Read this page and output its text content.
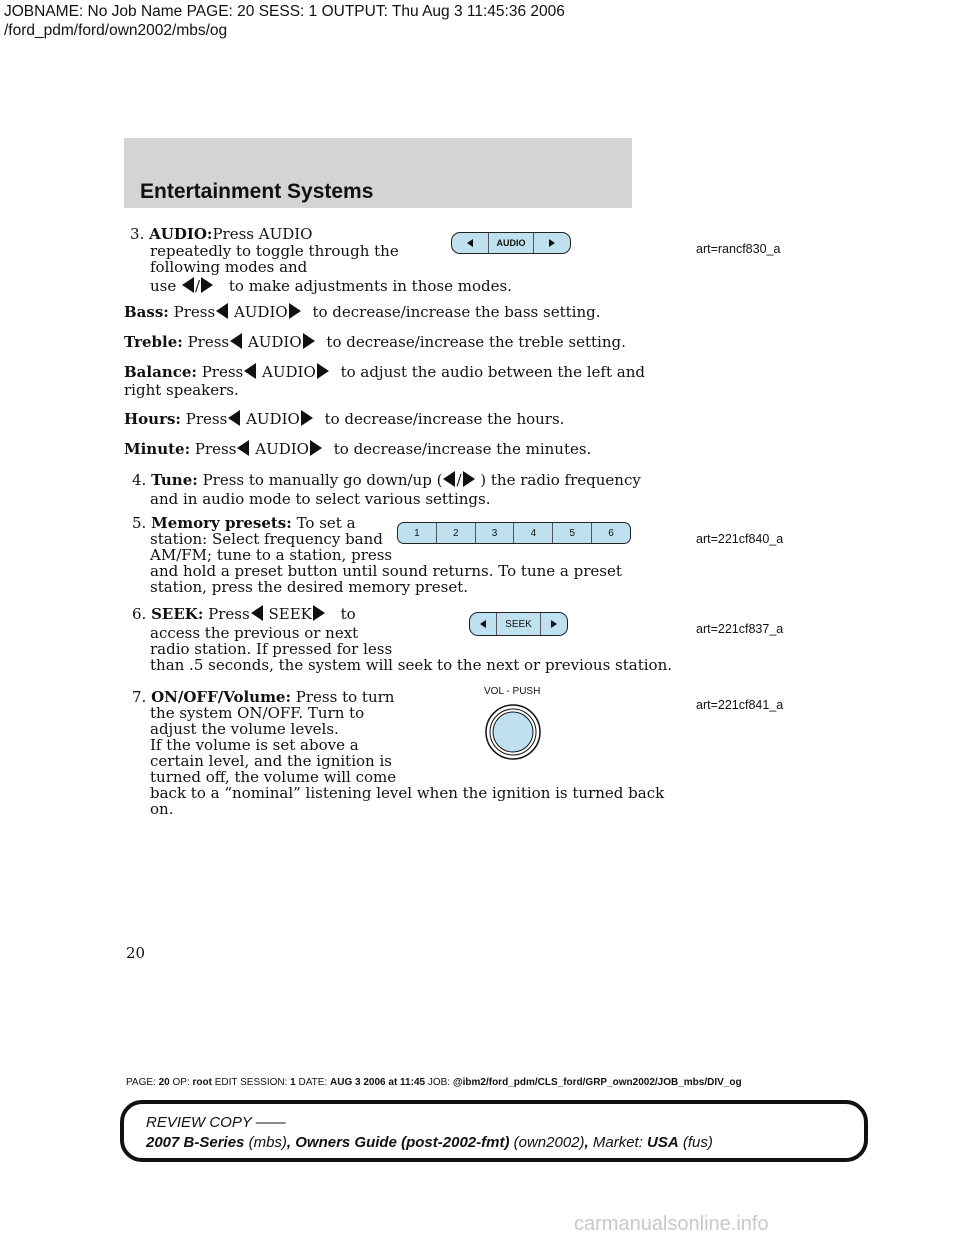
JOBNAME: No Job Name PAGE: 20 SESS: 1 OUTPUT: Thu Aug 3 11:45:36 2006
/ford_pdm/ford/own2002/mbs/og
Entertainment Systems
3. AUDIO:Press AUDIO
repeatedly to toggle through the
following modes and
use / to make adjustments in those modes.
AUDIO	art=rancf830_a
Bass: Press AUDIO to decrease/increase the bass setting.
Treble: Press AUDIO to decrease/increase the treble setting.
Balance: Press AUDIO to adjust the audio between the left and
right speakers.
Hours: Press AUDIO to decrease/increase the hours.
Minute: Press AUDIO to decrease/increase the minutes.
4. Tune: Press to manually go down/up ( / ) the radio frequency
and in audio mode to select various settings.
5. Memory presets: To set a
station: Select frequency band
AM/FM; tune to a station, press
and hold a preset button until sound returns. To tune a preset
station, press the desired memory preset.
1	2	3	4	5	6	art=221cf840_a
6. SEEK: Press SEEK to
access the previous or next
radio station. If pressed for less
than .5 seconds, the system will seek to the next or previous station.
SEEK	art=221cf837_a
7. ON/OFF/Volume: Press to turn
the system ON/OFF. Turn to
adjust the volume levels.
If the volume is set above a
certain level, and the ignition is
turned off, the volume will come
back to a “nominal” listening level when the ignition is turned back
on.
VOL - PUSH
art=221cf841_a
20
PAGE: 20 OP: root EDIT SESSION: 1 DATE: AUG 3 2006 at 11:45 JOB: @ibm2/ford_pdm/CLS_ford/GRP_own2002/JOB_mbs/DIV_og
REVIEW COPY ——
2007 B-Series (mbs), Owners Guide (post-2002-fmt) (own2002), Market: USA (fus)
carmanualsonline.info
